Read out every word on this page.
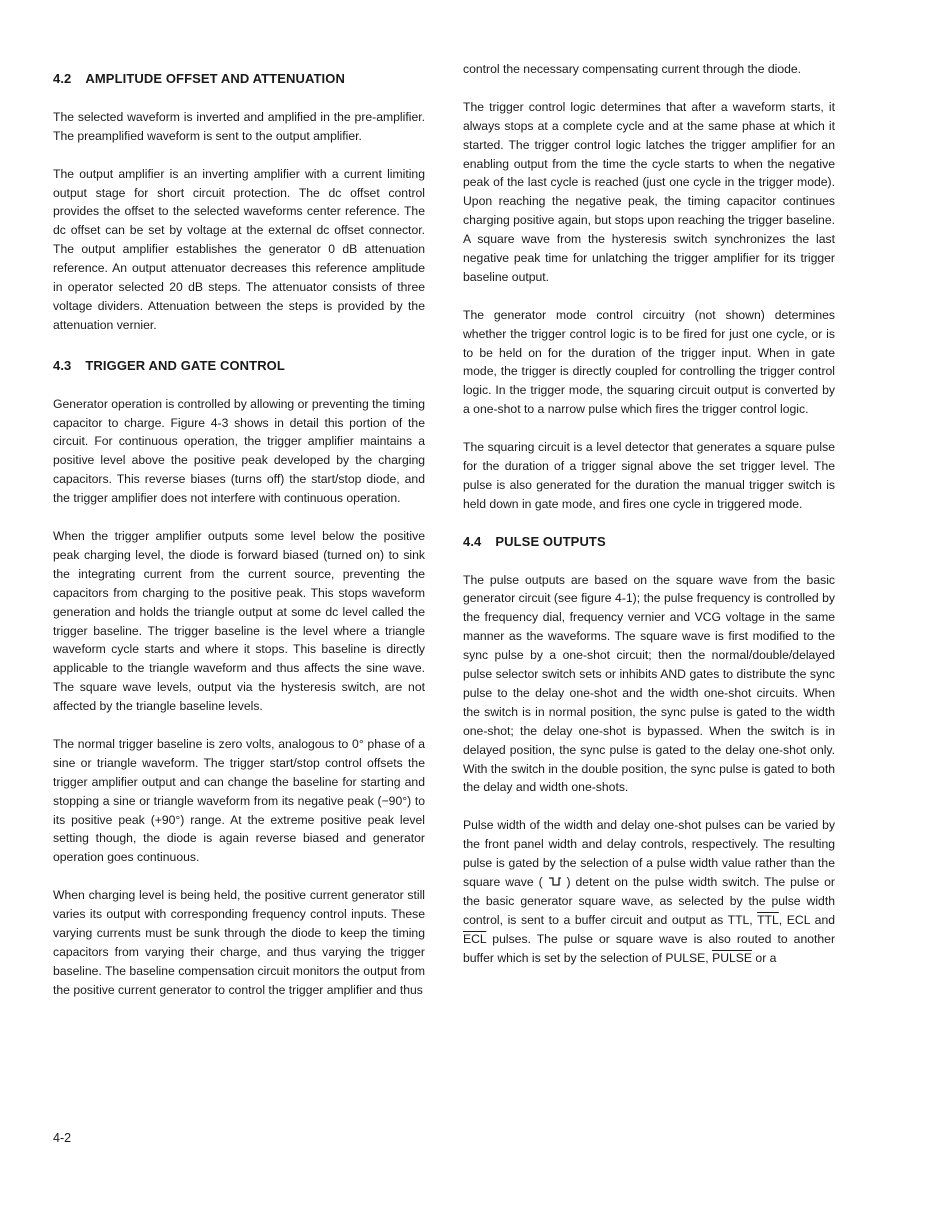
4.2 AMPLITUDE OFFSET AND ATTENUATION

The selected waveform is inverted and amplified in the pre-amplifier. The preamplified waveform is sent to the output amplifier.

The output amplifier is an inverting amplifier with a current limiting output stage for short circuit protection. The dc offset control provides the offset to the selected waveforms center reference. The dc offset can be set by voltage at the external dc offset connector. The output amplifier establishes the generator 0 dB attenuation reference. An output attenuator decreases this reference amplitude in operator selected 20 dB steps. The attenuator consists of three voltage dividers. Attenuation between the steps is provided by the attenuation vernier.

4.3 TRIGGER AND GATE CONTROL

Generator operation is controlled by allowing or preventing the timing capacitor to charge. Figure 4-3 shows in detail this portion of the circuit. For continuous operation, the trigger amplifier maintains a positive level above the positive peak developed by the charging capacitors. This reverse biases (turns off) the start/stop diode, and the trigger amplifier does not interfere with continuous operation.

When the trigger amplifier outputs some level below the positive peak charging level, the diode is forward biased (turned on) to sink the integrating current from the current source, preventing the capacitors from charging to the positive peak. This stops waveform generation and holds the triangle output at some dc level called the trigger baseline. The trigger baseline is the level where a triangle waveform cycle starts and where it stops. This baseline is directly applicable to the triangle waveform and thus affects the sine wave. The square wave levels, output via the hysteresis switch, are not affected by the triangle baseline levels.

The normal trigger baseline is zero volts, analogous to 0° phase of a sine or triangle waveform. The trigger start/stop control offsets the trigger amplifier output and can change the baseline for starting and stopping a sine or triangle waveform from its negative peak (−90°) to its positive peak (+90°) range. At the extreme positive peak level setting though, the diode is again reverse biased and generator operation goes continuous.

When charging level is being held, the positive current generator still varies its output with corresponding frequency control inputs. These varying currents must be sunk through the diode to keep the timing capacitors from varying their charge, and thus varying the trigger baseline. The baseline compensation circuit monitors the output from the positive current generator to control the trigger amplifier and thus

control the necessary compensating current through the diode.

The trigger control logic determines that after a waveform starts, it always stops at a complete cycle and at the same phase at which it started. The trigger control logic latches the trigger amplifier for an enabling output from the time the cycle starts to when the negative peak of the last cycle is reached (just one cycle in the trigger mode). Upon reaching the negative peak, the timing capacitor continues charging positive again, but stops upon reaching the trigger baseline. A square wave from the hysteresis switch synchronizes the last negative peak time for unlatching the trigger amplifier for its trigger baseline output.

The generator mode control circuitry (not shown) determines whether the trigger control logic is to be fired for just one cycle, or is to be held on for the duration of the trigger input. When in gate mode, the trigger is directly coupled for controlling the trigger control logic. In the trigger mode, the squaring circuit output is converted by a one-shot to a narrow pulse which fires the trigger control logic.

The squaring circuit is a level detector that generates a square pulse for the duration of a trigger signal above the set trigger level. The pulse is also generated for the duration the manual trigger switch is held down in gate mode, and fires one cycle in triggered mode.

4.4 PULSE OUTPUTS

The pulse outputs are based on the square wave from the basic generator circuit (see figure 4-1); the pulse frequency is controlled by the frequency dial, frequency vernier and VCG voltage in the same manner as the waveforms. The square wave is first modified to the sync pulse by a one-shot circuit; then the normal/double/delayed pulse selector switch sets or inhibits AND gates to distribute the sync pulse to the delay one-shot and the width one-shot circuits. When the switch is in normal position, the sync pulse is gated to the width one-shot; the delay one-shot is bypassed. When the switch is in delayed position, the sync pulse is gated to the delay one-shot only. With the switch in the double position, the sync pulse is gated to both the delay and width one-shots.

Pulse width of the width and delay one-shot pulses can be varied by the front panel width and delay controls, respectively. The resulting pulse is gated by the selection of a pulse width value rather than the square wave ( ) detent on the pulse width switch. The pulse or the basic generator square wave, as selected by the pulse width control, is sent to a buffer circuit and output as TTL, $\overline{TTL}$, ECL and $\overline{ECL}$ pulses. The pulse or square wave is also routed to another buffer which is set by the selection of PULSE, PULSE or a

4-2
